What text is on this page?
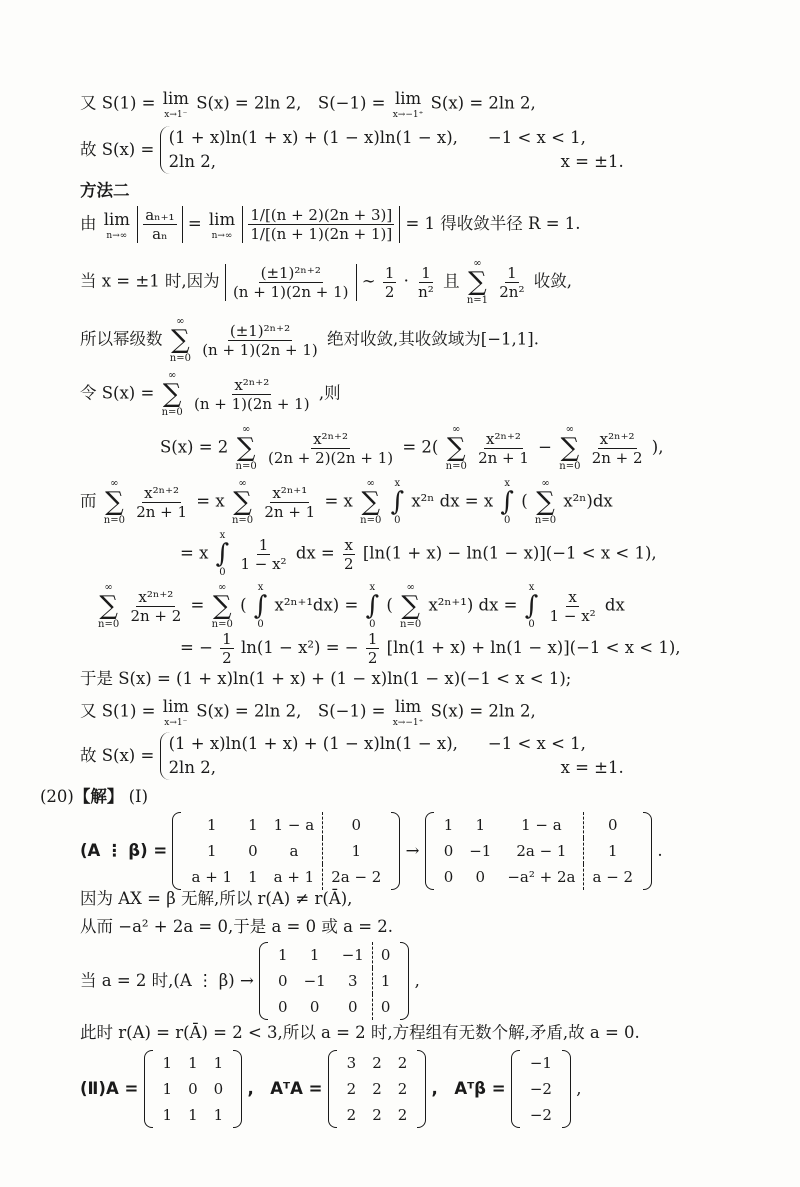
又 S(1) = lim
x→1⁻
S(x) = 2ln 2,　S(−1) = lim
x→−1⁺
S(x) = 2ln 2,
故 S(x) =
(1 + x)ln(1 + x) + (1 − x)ln(1 − x), −1 < x < 1,
2ln 2,	x = ±1.
方法二
由 lim
n→∞
$\frac{\text{aₙ₊₁}}{\text{aₙ}} = \lim$
n→∞
$\frac{1/[(n + 2)(2n + 3)]}{1/[(n + 1)(2n + 1)]} = 1$ 得收敛半径 R = 1.
当 x = ±1 时,因为 $\frac{\text{(±1)²ⁿ⁺²}}{(n + 1)(2n + 1)}$ ∼ $\frac{1}{2} \cdot \frac{1}{\text{n²}}$ 且
∞
∑
n=1
$\frac{1}{\text{2n²}}$ 收敛,
所以幂级数
∞
∑
n=0
$\frac{\text{(±1)²ⁿ⁺²}}{(n + 1)(2n + 1)}$ 绝对收敛,其收敛域为[−1,1].
令 S(x) =
∞
∑
n=0
$\frac{\text{x²ⁿ⁺²}}{(n + 1)(2n + 1)}$ ,则
S(x) = 2
∞
∑
n=0
$\frac{\text{x²ⁿ⁺²}}{(2n + 2)(2n + 1)} = 2$(
∞
∑
n=0
$\frac{\text{x²ⁿ⁺²}}{2n + 1}$ −
∞
∑
n=0
$\frac{\text{x²ⁿ⁺²}}{2n + 2}$ ),
而
∞
∑
n=0
$\frac{\text{x²ⁿ⁺²}}{2n + 1} = x$
∞
∑
n=0
$\frac{\text{x²ⁿ⁺¹}}{2n + 1} = x$
∞
∑
n=0

x
∫
0
x²ⁿ dx = x
x
∫
0
(
∞
∑
n=0
x²ⁿ)dx
= x
x
∫
0
$\frac{1}{\text{1 − x²}}$ dx = $\frac{x}{2} [\ln(1 + x) - \ln(1 - x)](-1 < x < 1)$,
∞
∑
n=0
$\frac{\text{x²ⁿ⁺²}}{2n + 2}$ =
∞
∑
n=0
(
x
∫
0
x²ⁿ⁺¹dx) =
x
∫
0
(
∞
∑
n=0
x²ⁿ⁺¹) dx =
x
∫
0
$\frac{x}{\text{1 − x²}}$ dx
= − $\frac{1}{2} \ln(1 - x^2)$ = − $\frac{1}{2} [\ln(1 + x) + \ln(1 - x)](-1 < x < 1)$,
于是 S(x) = (1 + x)ln(1 + x) + (1 − x)ln(1 − x)(−1 < x < 1);
又 S(1) = lim
x→1⁻
S(x) = 2ln 2,　S(−1) = lim
x→−1⁺
S(x) = 2ln 2,
故 S(x) =
(1 + x)ln(1 + x) + (1 − x)ln(1 − x), −1 < x < 1,
2ln 2,	x = ±1.
(20)【解】 (Ⅰ)
(A ⋮ β) =
1	1	1 − a	0
1	0	a	1
a + 1	1	a + 1	2a − 2
→
1	1	1 − a	0
0	−1	2a − 1	1
0	0	−a² + 2a	a − 2
.
因为 AX = β 无解,所以 r(A) ≠ r(Ā),
从而 −a² + 2a = 0,于是 a = 0 或 a = 2.
当 a = 2 时,(A ⋮ β) →
1	1	−1	0
0	−1	3	1
0	0	0	0
,
此时 r(A) = r(Ā) = 2 < 3,所以 a = 2 时,方程组有无数个解,矛盾,故 a = 0.
(Ⅱ)A =
1	1	1
1	0	0
1	1	1
,　AᵀA =
3	2	2
2	2	2
2	2	2
,　Aᵀβ =
−1
−2
−2
,
